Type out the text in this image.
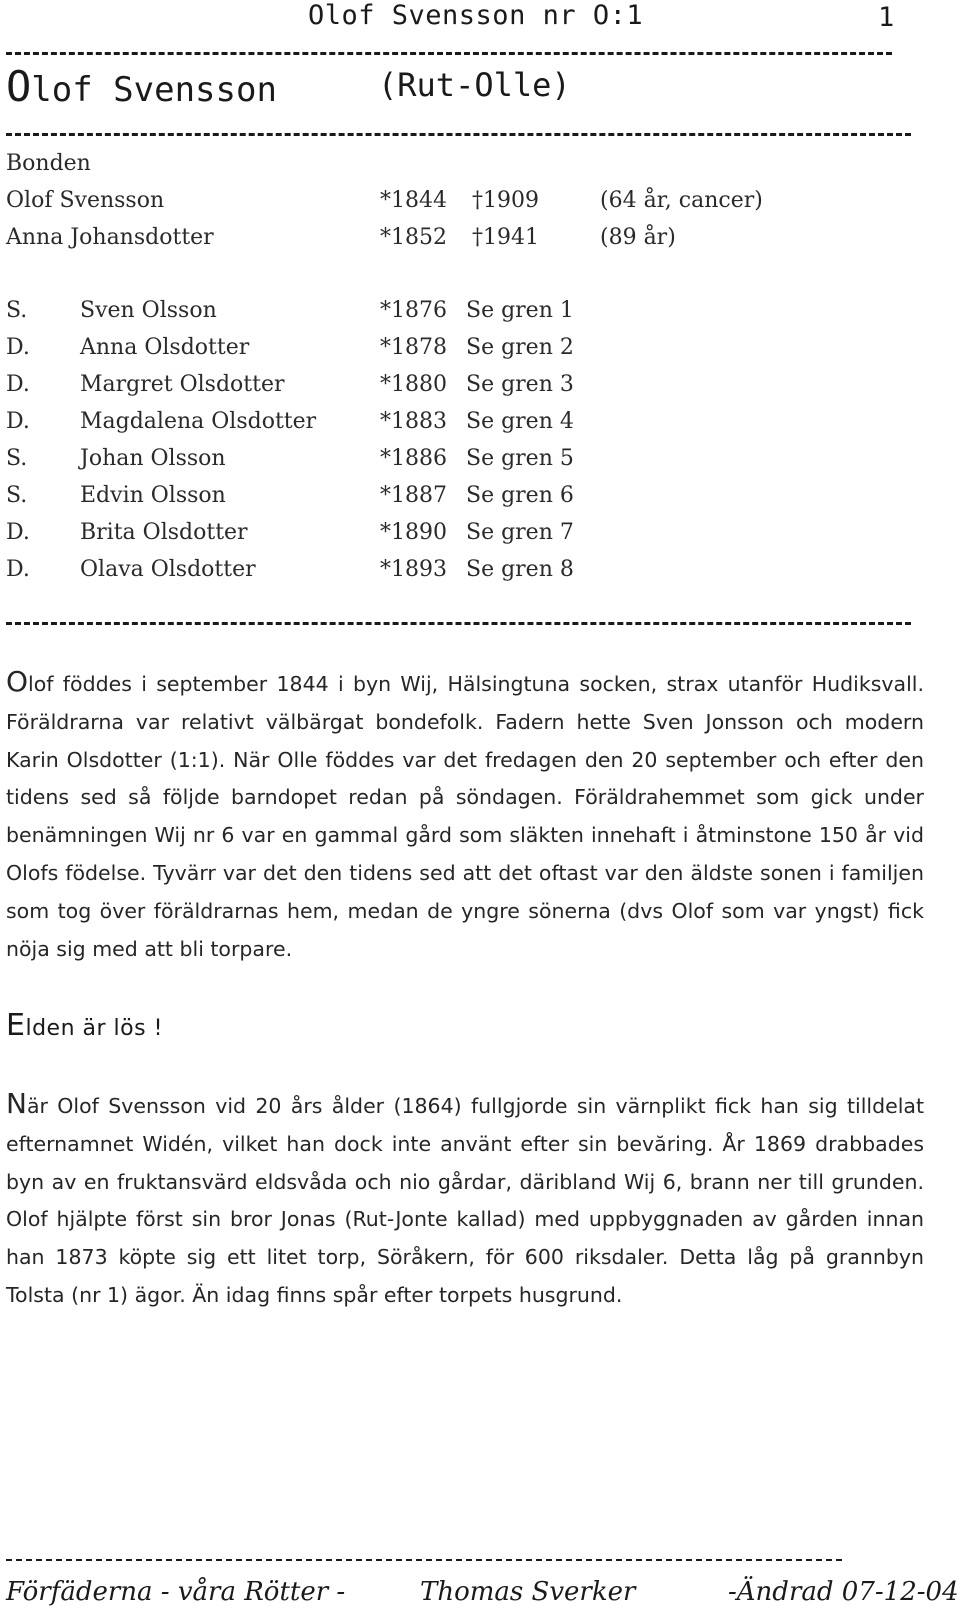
Olof Svensson nr O:1	1
Olof Svensson	(Rut-Olle)
Bonden
Olof Svensson	*1844 †1909	(64 år, cancer)
Anna Johansdotter	*1852 †1941	(89 år)
S. Sven Olsson	*1876 Se gren 1
D. Anna Olsdotter	*1878 Se gren 2
D. Margret Olsdotter	*1880 Se gren 3
D. Magdalena Olsdotter	*1883 Se gren 4
S. Johan Olsson	*1886 Se gren 5
S. Edvin Olsson	*1887 Se gren 6
D. Brita Olsdotter	*1890 Se gren 7
D. Olava Olsdotter	*1893 Se gren 8
Olof föddes i september 1844 i byn Wij, Hälsingtuna socken, strax utanför Hudiksvall. Föräldrarna var relativt välbärgat bondefolk. Fadern hette Sven Jonsson och modern Karin Olsdotter (1:1). När Olle föddes var det fredagen den 20 september och efter den tidens sed så följde barndopet redan på söndagen. Föräldrahemmet som gick under benämningen Wij nr 6 var en gammal gård som släkten innehaft i åtminstone 150 år vid Olofs födelse. Tyvärr var det den tidens sed att det oftast var den äldste sonen i familjen som tog över föräldrarnas hem, medan de yngre sönerna (dvs Olof som var yngst) fick nöja sig med att bli torpare.
Elden är lös !
När Olof Svensson vid 20 års ålder (1864) fullgjorde sin värnplikt fick han sig tilldelat efternamnet Widén, vilket han dock inte använt efter sin bevăring. År 1869 drabbades byn av en fruktansvärd eldsvåda och nio gårdar, däribland Wij 6, brann ner till grunden. Olof hjälpte först sin bror Jonas (Rut-Jonte kallad) med uppbyggnaden av gården innan han 1873 köpte sig ett litet torp, Söråkern, för 600 riksdaler. Detta låg på grannbyn Tolsta (nr 1) ägor. Än idag finns spår efter torpets husgrund.
Förfäderna - våra Rötter -	Thomas Sverker	-Ändrad 07-12-04
